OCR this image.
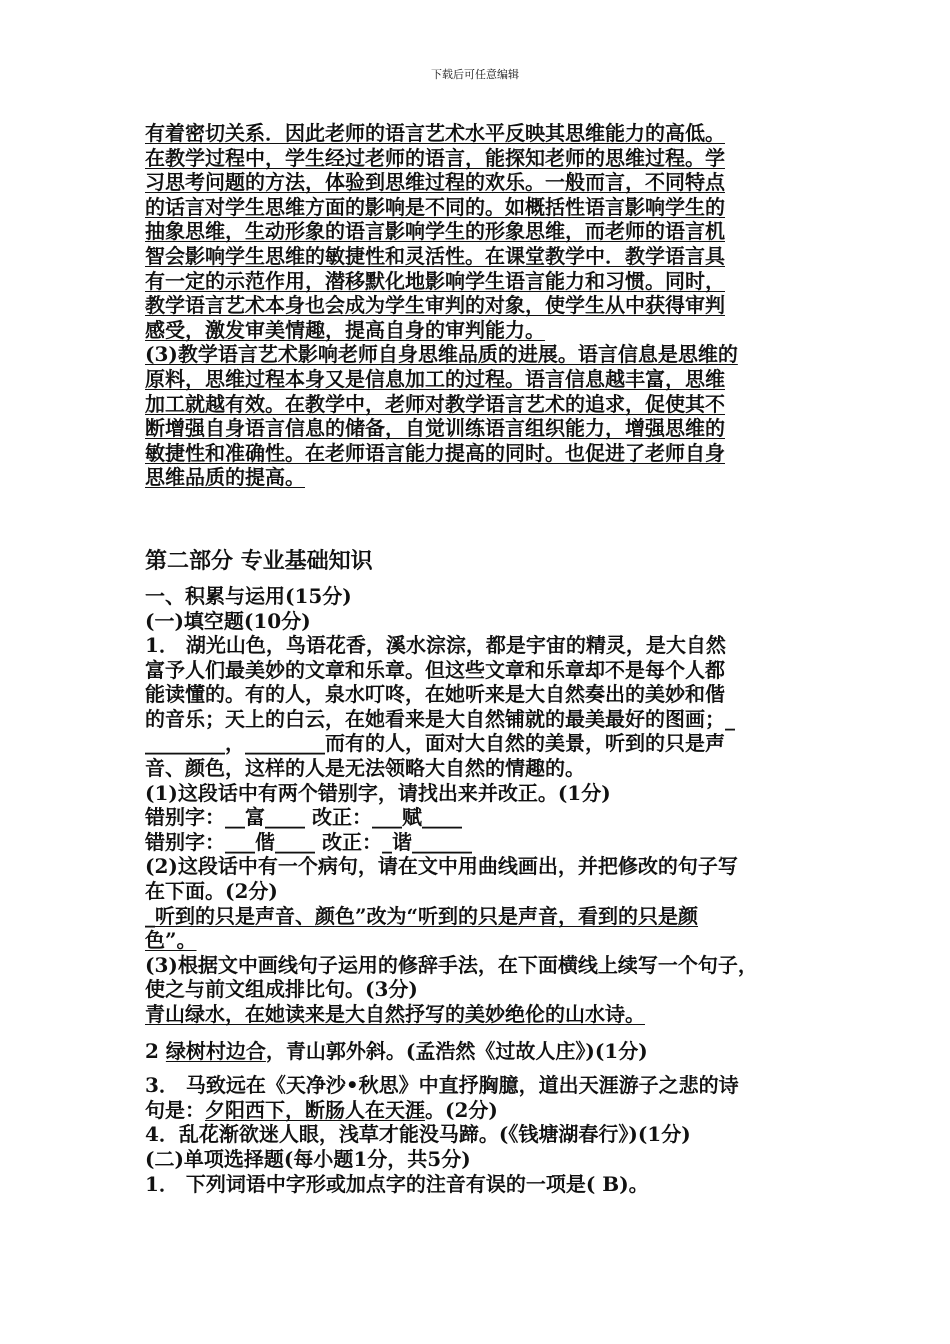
下载后可任意编辑
有着密切关系．因此老师的语言艺术水平反映其思维能力的高低。
在教学过程中，学生经过老师的语言，能探知老师的思维过程。学
习思考问题的方法，体验到思维过程的欢乐。一般而言，不同特点
的话言对学生思维方面的影响是不同的。如概括性语言影响学生的
抽象思维，生动形象的语言影响学生的形象思维，而老师的语言机
智会影响学生思维的敏捷性和灵活性。在课堂教学中．教学语言具
有一定的示范作用，潜移默化地影响学生语言能力和习惯。同时，
教学语言艺术本身也会成为学生审判的对象，使学生从中获得审判
感受，激发审美情趣，提高自身的审判能力。
(3)教学语言艺术影响老师自身思维品质的进展。语言信息是思维的
原料，思维过程本身又是信息加工的过程。语言信息越丰富，思维
加工就越有效。在教学中，老师对教学语言艺术的追求，促使其不
断增强自身语言信息的储备，自觉训练语言组织能力，增强思维的
敏捷性和准确性。在老师语言能力提高的同时。也促进了老师自身
思维品质的提高。
第二部分 专业基础知识
一、积累与运用(15分)
(一)填空题(10分)
1． 湖光山色，鸟语花香，溪水淙淙，都是宇宙的精灵，是大自然
富予人们最美妙的文章和乐章。但这些文章和乐章却不是每个人都
能读懂的。有的人，泉水叮咚，在她听来是大自然奏出的美妙和偕
的音乐；天上的白云，在她看来是大自然铺就的最美最好的图画；_
________，________而有的人，面对大自然的美景，听到的只是声
音、颜色，这样的人是无法领略大自然的情趣的。
(1)这段话中有两个错别字，请找出来并改正。(1分)
错别字：__富____ 改正：___赋____
错别字：___偕____ 改正：_谐______
(2)这段话中有一个病句，请在文中用曲线画出，并把修改的句子写
在下面。(2分)
_听到的只是声音、颜色”改为“听到的只是声音，看到的只是颜
色”。
(3)根据文中画线句子运用的修辞手法，在下面横线上续写一个句子，
使之与前文组成排比句。(3分)
青山绿水，在她读来是大自然抒写的美妙绝伦的山水诗。
2 绿树村边合，青山郭外斜。(孟浩然《过故人庄》)(1分)
3． 马致远在《天净沙•秋思》中直抒胸臆，道出天涯游子之悲的诗
句是：夕阳西下，断肠人在天涯。(2分)
4．乱花渐欲迷人眼，浅草才能没马蹄。(《钱塘湖春行》)(1分)
(二)单项选择题(每小题1分，共5分)
1． 下列词语中字形或加点字的注音有误的一项是( B)。
